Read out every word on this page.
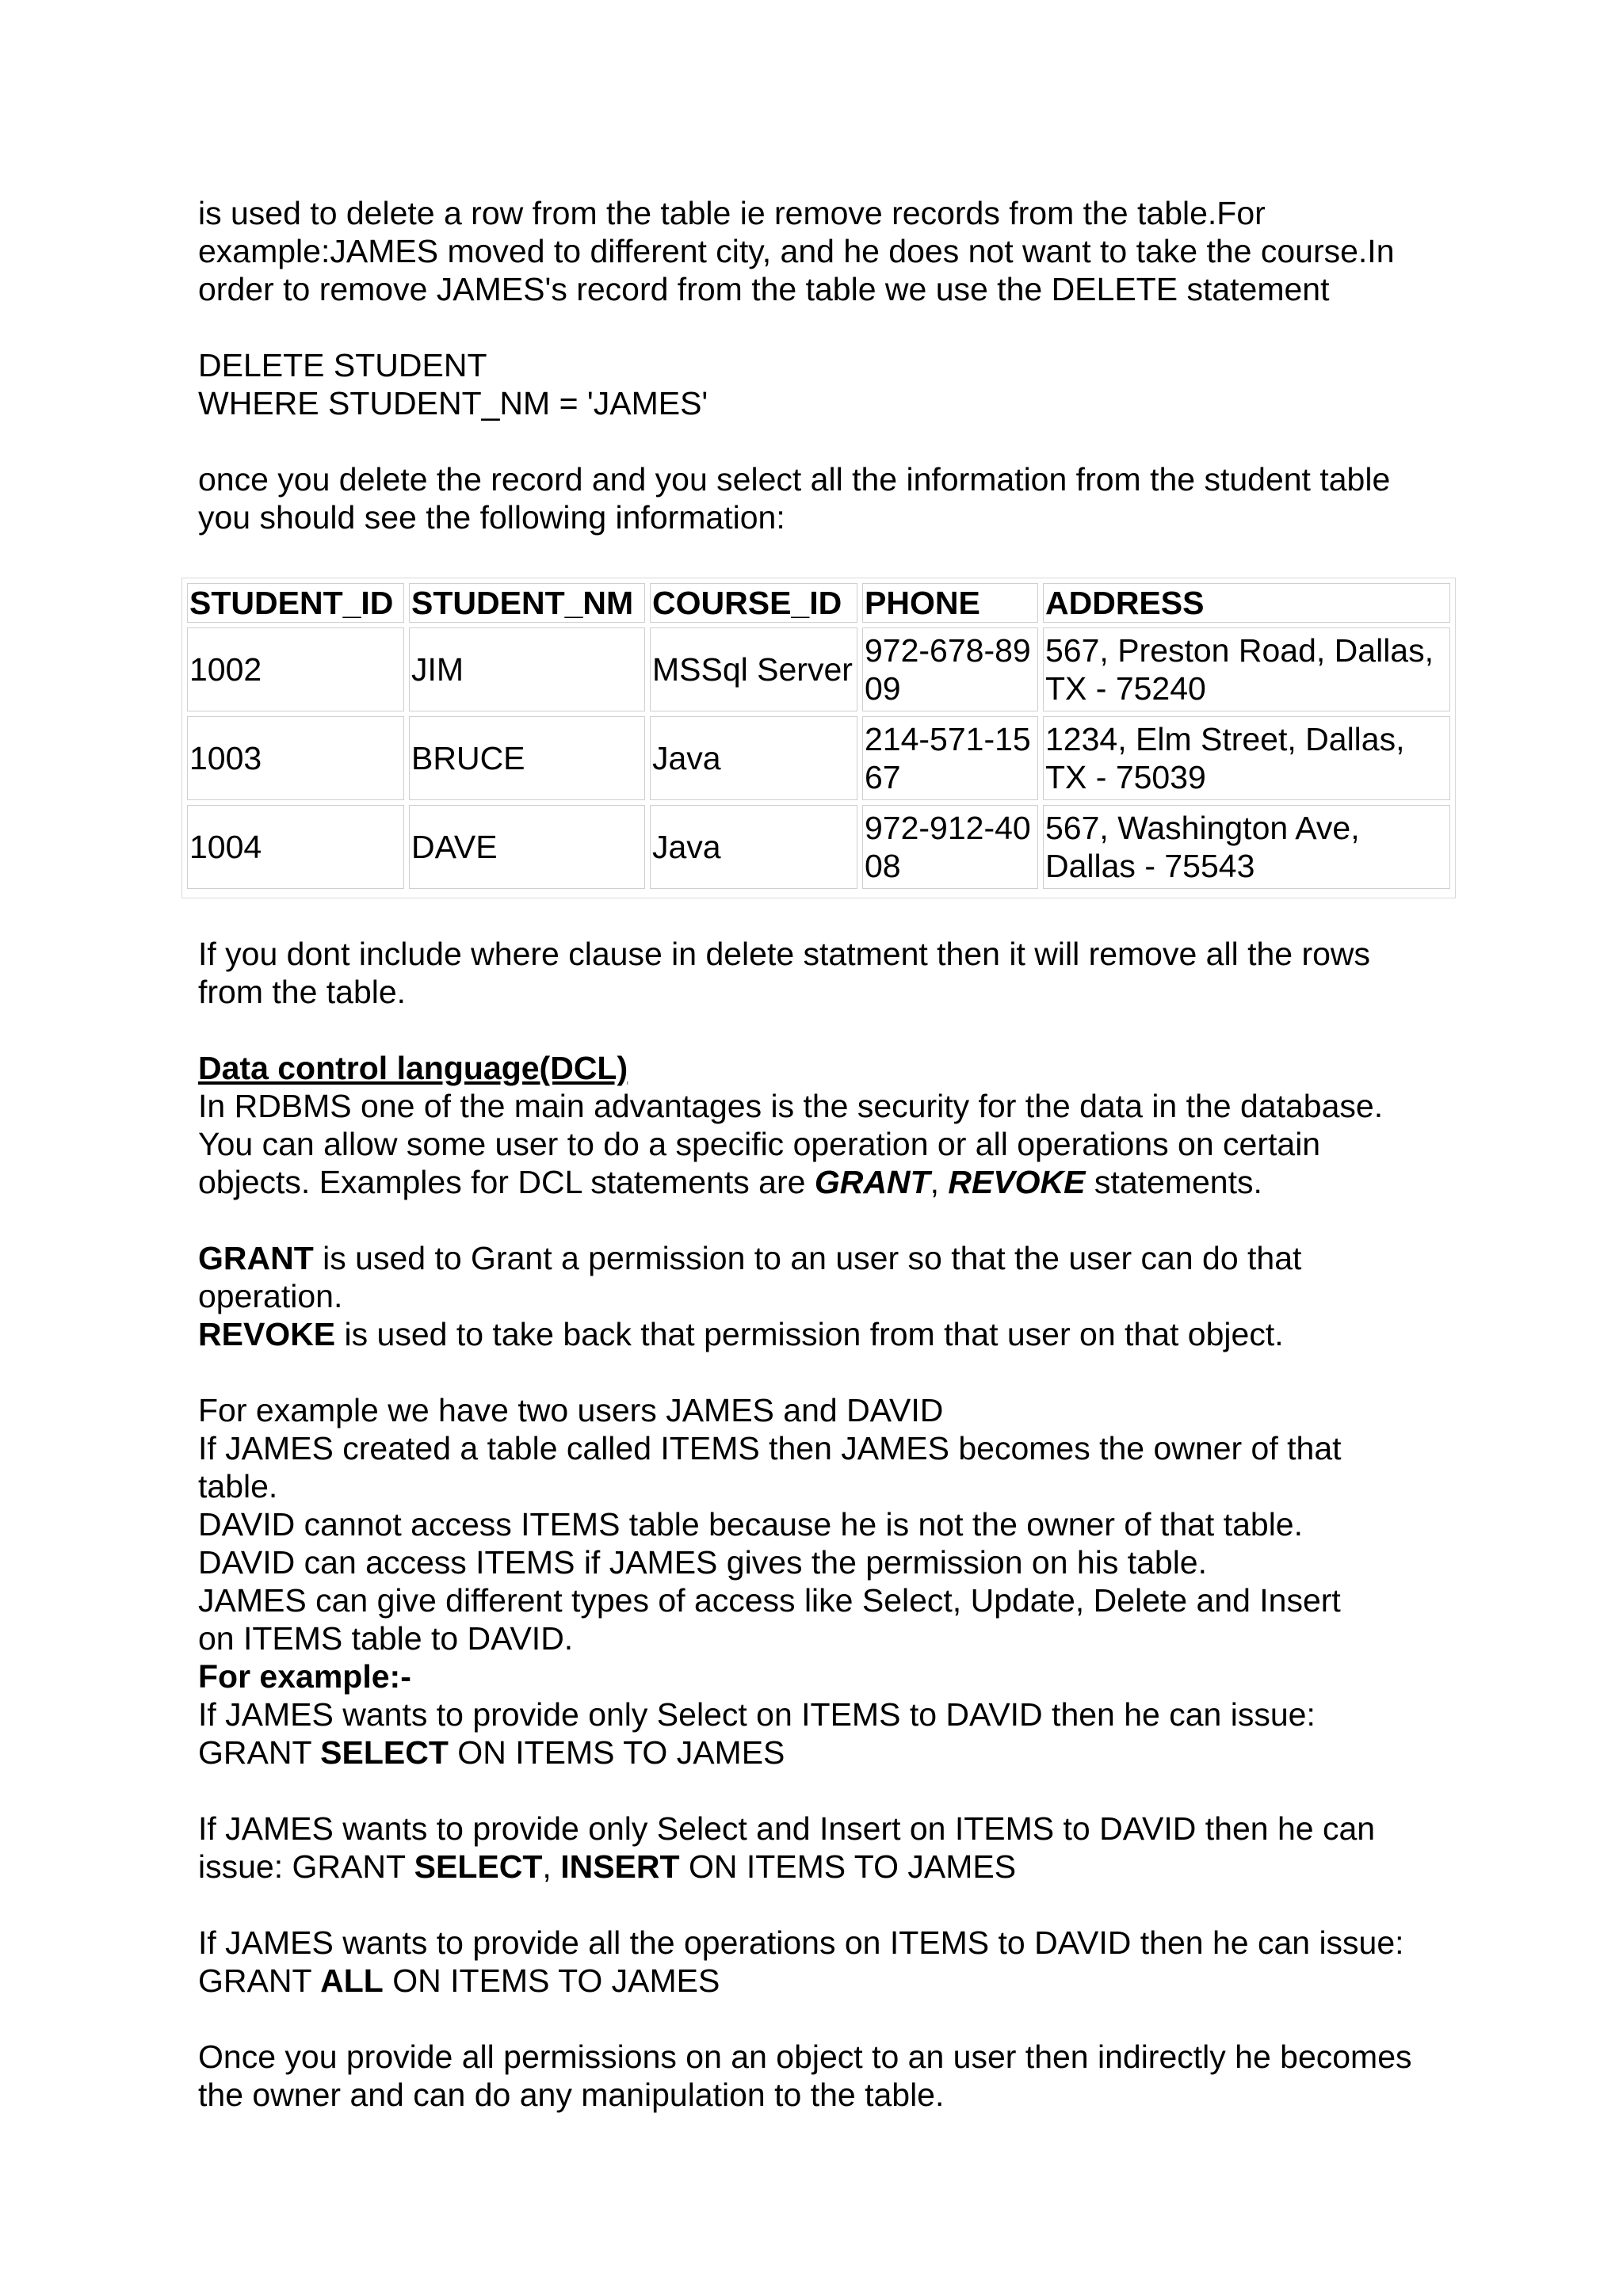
is used to delete a row from the table ie remove records from the table.For
example:JAMES moved to different city, and he does not want to take the course.In
order to remove JAMES's record from the table we use the DELETE statement

DELETE STUDENT
WHERE STUDENT_NM = 'JAMES'

once you delete the record and you select all the information from the student table
you should see the following information:

STUDENT_ID	STUDENT_NM	COURSE_ID	PHONE	ADDRESS
1002	JIM	MSSql Server	972-678-8909	567, Preston Road, Dallas, TX - 75240
1003	BRUCE	Java	214-571-1567	1234, Elm Street, Dallas, TX - 75039
1004	DAVE	Java	972-912-4008	567, Washington Ave, Dallas - 75543

If you dont include where clause in delete statment then it will remove all the rows
from the table.

Data control language(DCL)
In RDBMS one of the main advantages is the security for the data in the database.
You can allow some user to do a specific operation or all operations on certain
objects. Examples for DCL statements are GRANT, REVOKE statements.

GRANT is used to Grant a permission to an user so that the user can do that
operation.
REVOKE is used to take back that permission from that user on that object.

For example we have two users JAMES and DAVID
If JAMES created a table called ITEMS then JAMES becomes the owner of that
table.
DAVID cannot access ITEMS table because he is not the owner of that table.
DAVID can access ITEMS if JAMES gives the permission on his table.
JAMES can give different types of access like Select, Update, Delete and Insert
on ITEMS table to DAVID.
For example:-
If JAMES wants to provide only Select on ITEMS to DAVID then he can issue:
GRANT SELECT ON ITEMS TO JAMES

If JAMES wants to provide only Select and Insert on ITEMS to DAVID then he can
issue: GRANT SELECT, INSERT ON ITEMS TO JAMES

If JAMES wants to provide all the operations on ITEMS to DAVID then he can issue:
GRANT ALL ON ITEMS TO JAMES

Once you provide all permissions on an object to an user then indirectly he becomes
the owner and can do any manipulation to the table.
